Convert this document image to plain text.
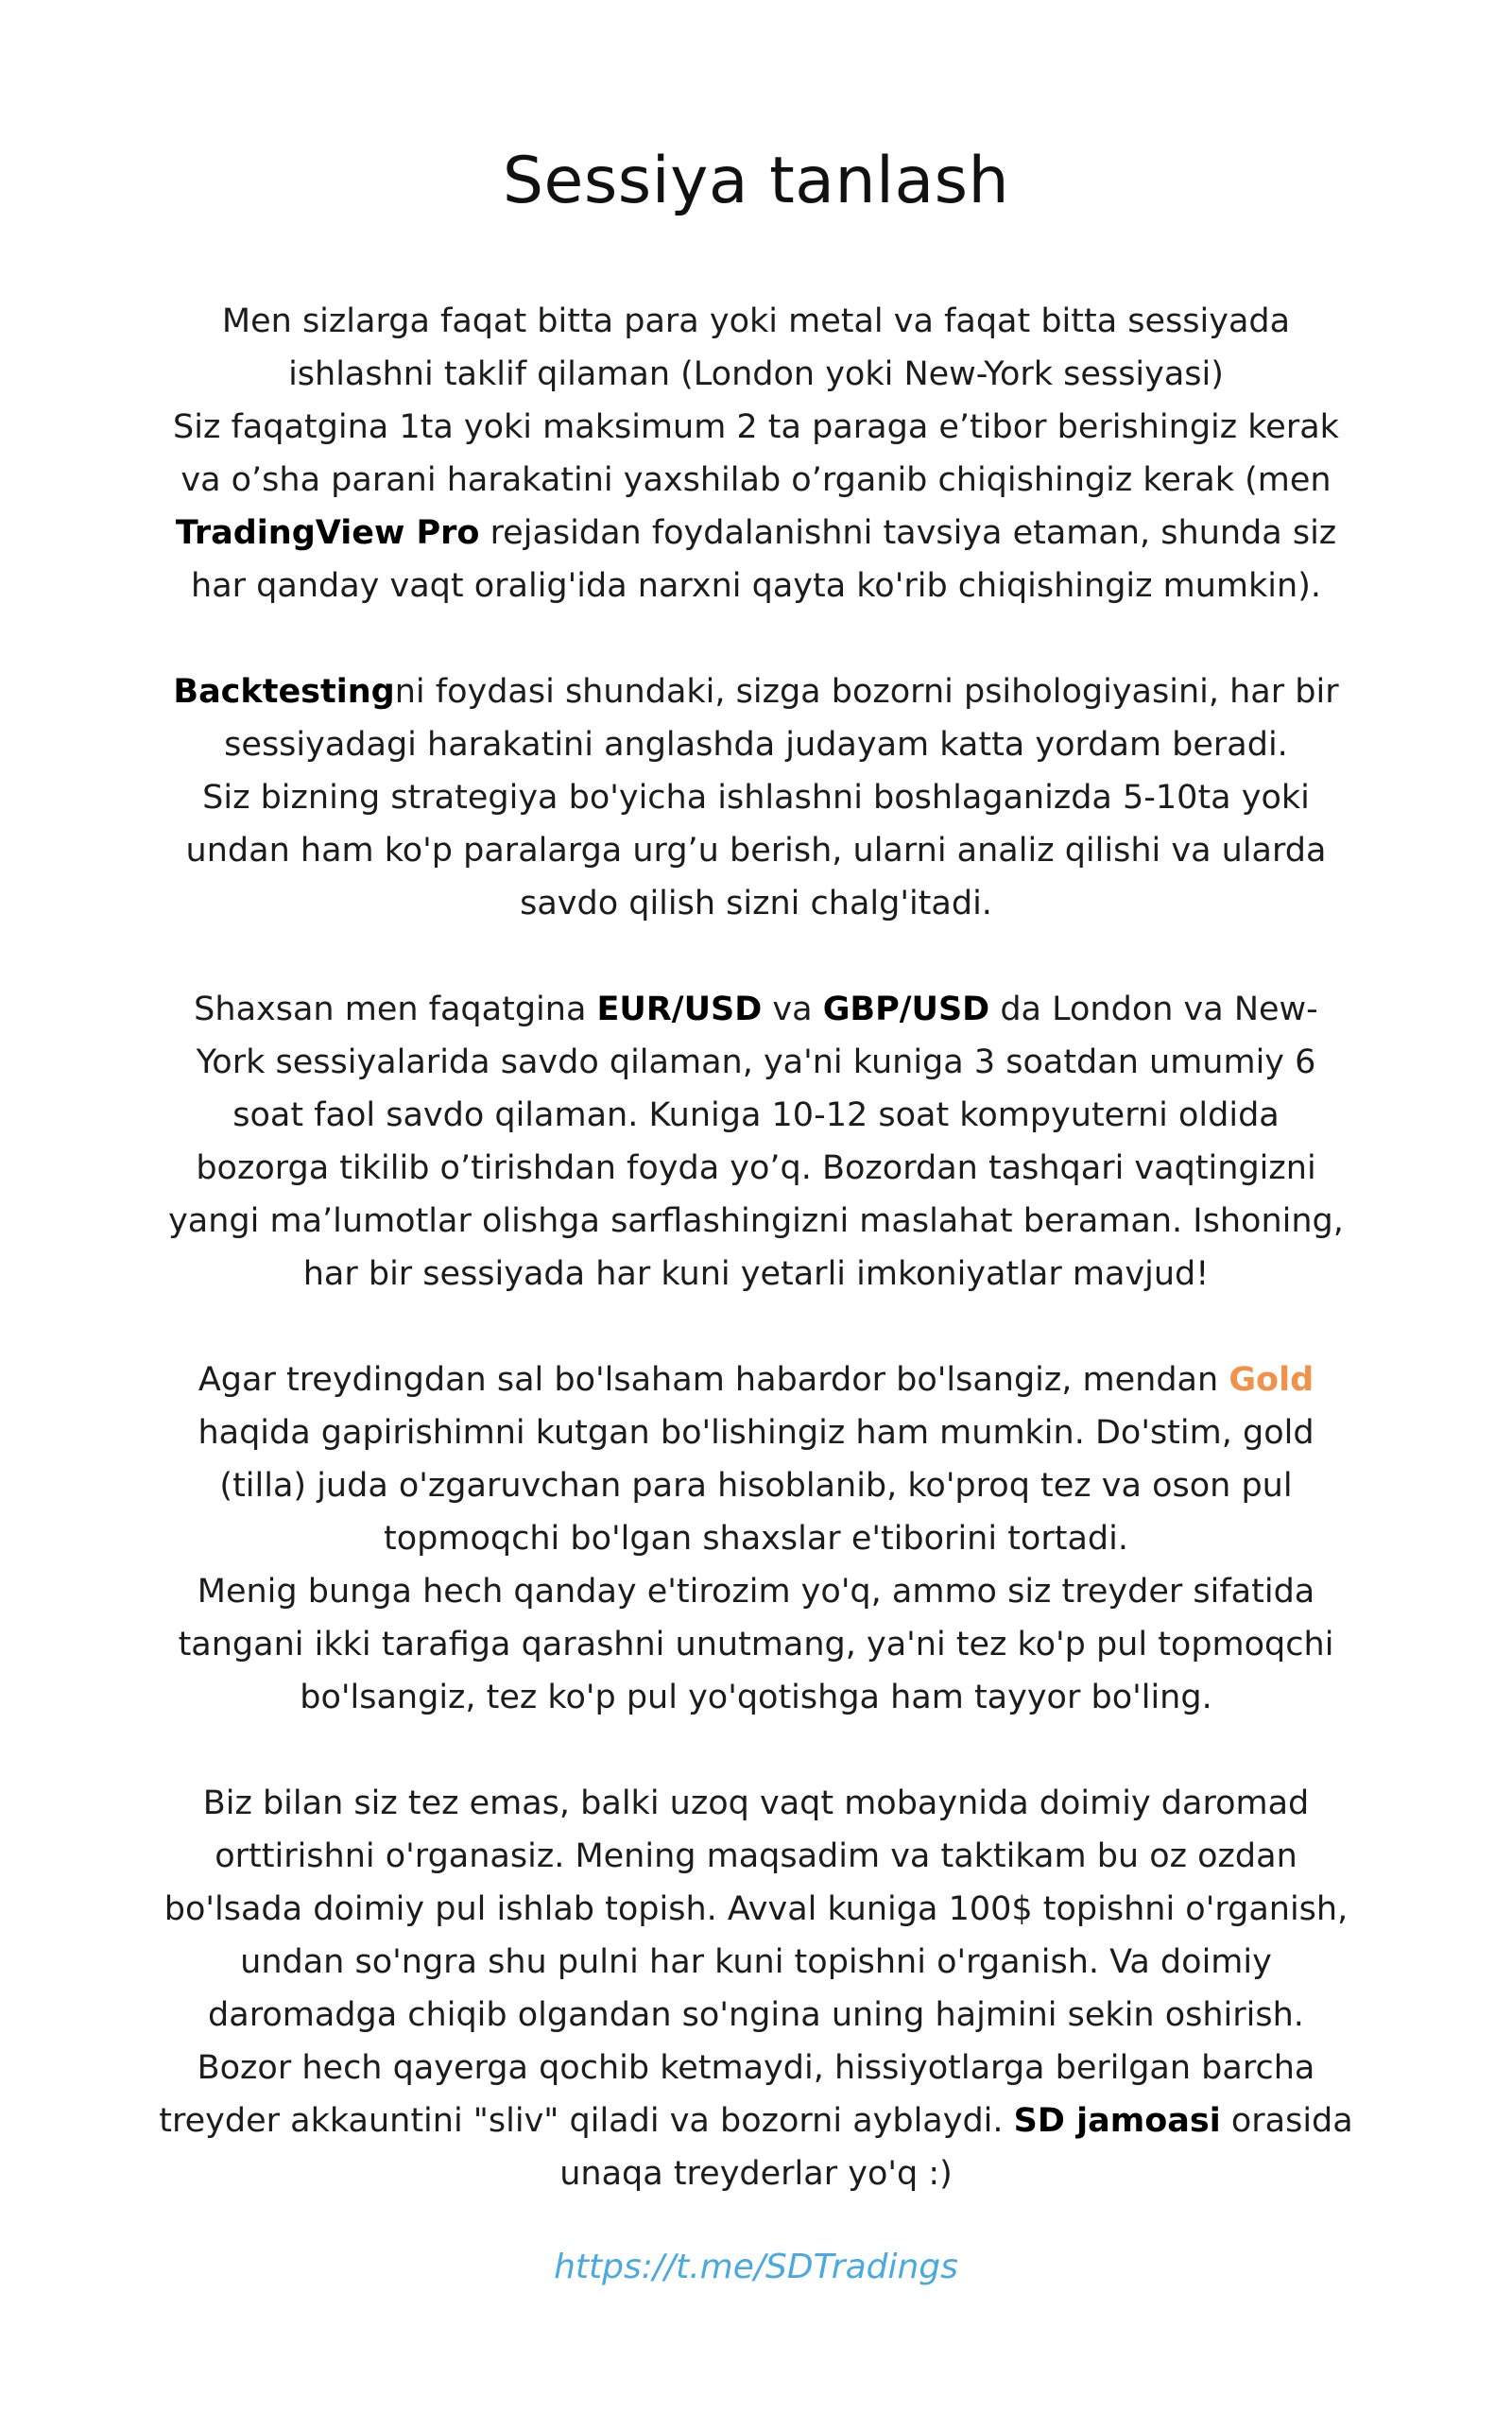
Sessiya tanlash
Men sizlarga faqat bitta para yoki metal va faqat bitta sessiyada
ishlashni taklif qilaman (London yoki New-York sessiyasi)
Siz faqatgina 1ta yoki maksimum 2 ta paraga e’tibor berishingiz kerak
va o’sha parani harakatini yaxshilab o’rganib chiqishingiz kerak (men
TradingView Pro rejasidan foydalanishni tavsiya etaman, shunda siz
har qanday vaqt oralig'ida narxni qayta ko'rib chiqishingiz mumkin).
Backtestingni foydasi shundaki, sizga bozorni psihologiyasini, har bir
sessiyadagi harakatini anglashda judayam katta yordam beradi.
Siz bizning strategiya bo'yicha ishlashni boshlaganizda 5-10ta yoki
undan ham ko'p paralarga urg’u berish, ularni analiz qilishi va ularda
savdo qilish sizni chalg'itadi.
Shaxsan men faqatgina EUR/USD va GBP/USD da London va New-
York sessiyalarida savdo qilaman, ya'ni kuniga 3 soatdan umumiy 6
soat faol savdo qilaman. Kuniga 10-12 soat kompyuterni oldida
bozorga tikilib o’tirishdan foyda yo’q. Bozordan tashqari vaqtingizni
yangi ma’lumotlar olishga sarflashingizni maslahat beraman. Ishoning,
har bir sessiyada har kuni yetarli imkoniyatlar mavjud!
Agar treydingdan sal bo'lsaham habardor bo'lsangiz, mendan Gold
haqida gapirishimni kutgan bo'lishingiz ham mumkin. Do'stim, gold
(tilla) juda o'zgaruvchan para hisoblanib, ko'proq tez va oson pul
topmoqchi bo'lgan shaxslar e'tiborini tortadi.
Menig bunga hech qanday e'tirozim yo'q, ammo siz treyder sifatida
tangani ikki tarafiga qarashni unutmang, ya'ni tez ko'p pul topmoqchi
bo'lsangiz, tez ko'p pul yo'qotishga ham tayyor bo'ling.
Biz bilan siz tez emas, balki uzoq vaqt mobaynida doimiy daromad
orttirishni o'rganasiz. Mening maqsadim va taktikam bu oz ozdan
bo'lsada doimiy pul ishlab topish. Avval kuniga 100$ topishni o'rganish,
undan so'ngra shu pulni har kuni topishni o'rganish. Va doimiy
daromadga chiqib olgandan so'ngina uning hajmini sekin oshirish.
Bozor hech qayerga qochib ketmaydi, hissiyotlarga berilgan barcha
treyder akkauntini "sliv" qiladi va bozorni ayblaydi. SD jamoasi orasida
unaqa treyderlar yo'q :)
https://t.me/SDTradings
